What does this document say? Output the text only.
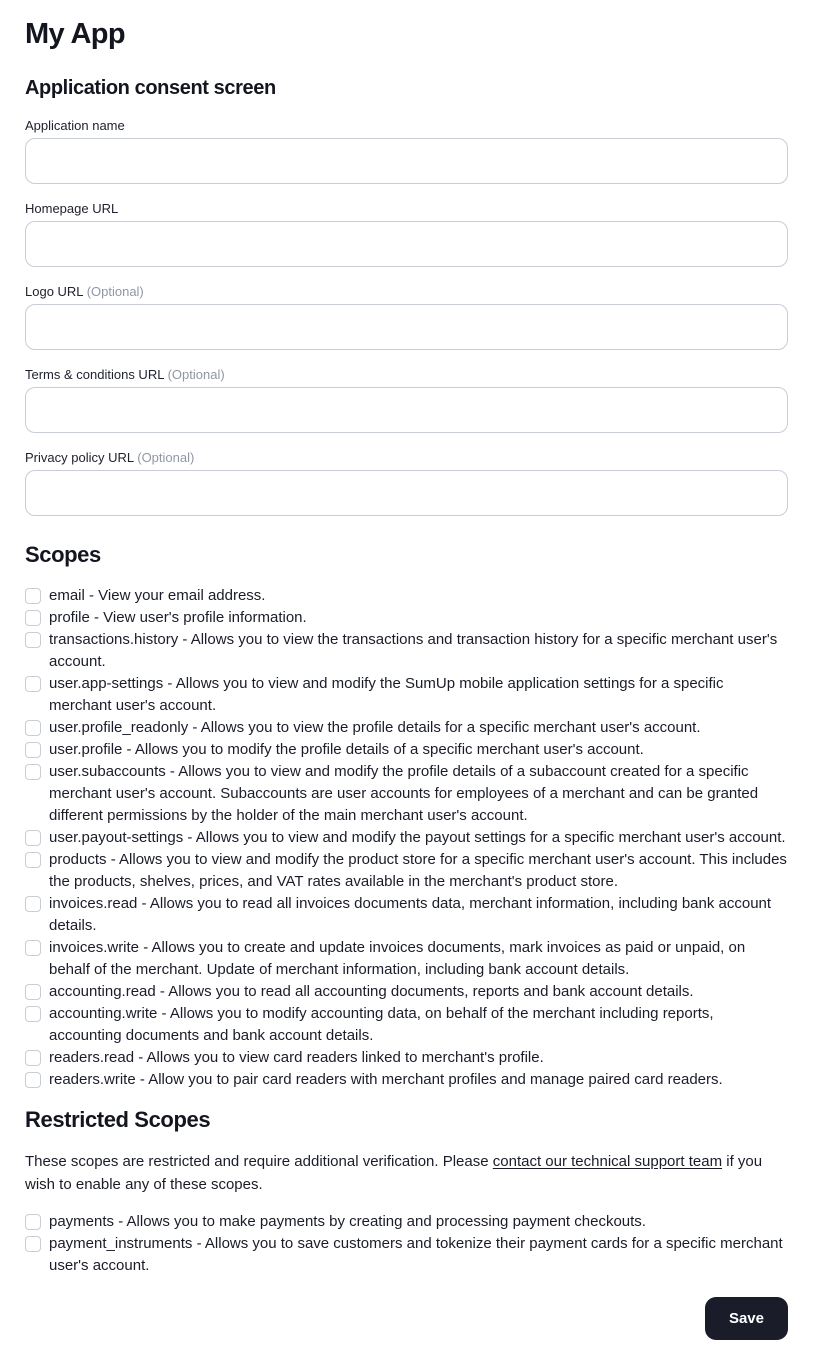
My App
Application consent screen
Application name
Homepage URL
Logo URL (Optional)
Terms & conditions URL (Optional)
Privacy policy URL (Optional)
Scopes
email - View your email address.
profile - View user's profile information.
transactions.history - Allows you to view the transactions and transaction history for a specific merchant user's account.
user.app-settings - Allows you to view and modify the SumUp mobile application settings for a specific merchant user's account.
user.profile_readonly - Allows you to view the profile details for a specific merchant user's account.
user.profile - Allows you to modify the profile details of a specific merchant user's account.
user.subaccounts - Allows you to view and modify the profile details of a subaccount created for a specific merchant user's account. Subaccounts are user accounts for employees of a merchant and can be granted different permissions by the holder of the main merchant user's account.
user.payout-settings - Allows you to view and modify the payout settings for a specific merchant user's account.
products - Allows you to view and modify the product store for a specific merchant user's account. This includes the products, shelves, prices, and VAT rates available in the merchant's product store.
invoices.read - Allows you to read all invoices documents data, merchant information, including bank account details.
invoices.write - Allows you to create and update invoices documents, mark invoices as paid or unpaid, on behalf of the merchant. Update of merchant information, including bank account details.
accounting.read - Allows you to read all accounting documents, reports and bank account details.
accounting.write - Allows you to modify accounting data, on behalf of the merchant including reports, accounting documents and bank account details.
readers.read - Allows you to view card readers linked to merchant's profile.
readers.write - Allow you to pair card readers with merchant profiles and manage paired card readers.
Restricted Scopes

These scopes are restricted and require additional verification. Please contact our technical support team if you wish to enable any of these scopes.

payments - Allows you to make payments by creating and processing payment checkouts.
payment_instruments - Allows you to save customers and tokenize their payment cards for a specific merchant user's account.
Save
